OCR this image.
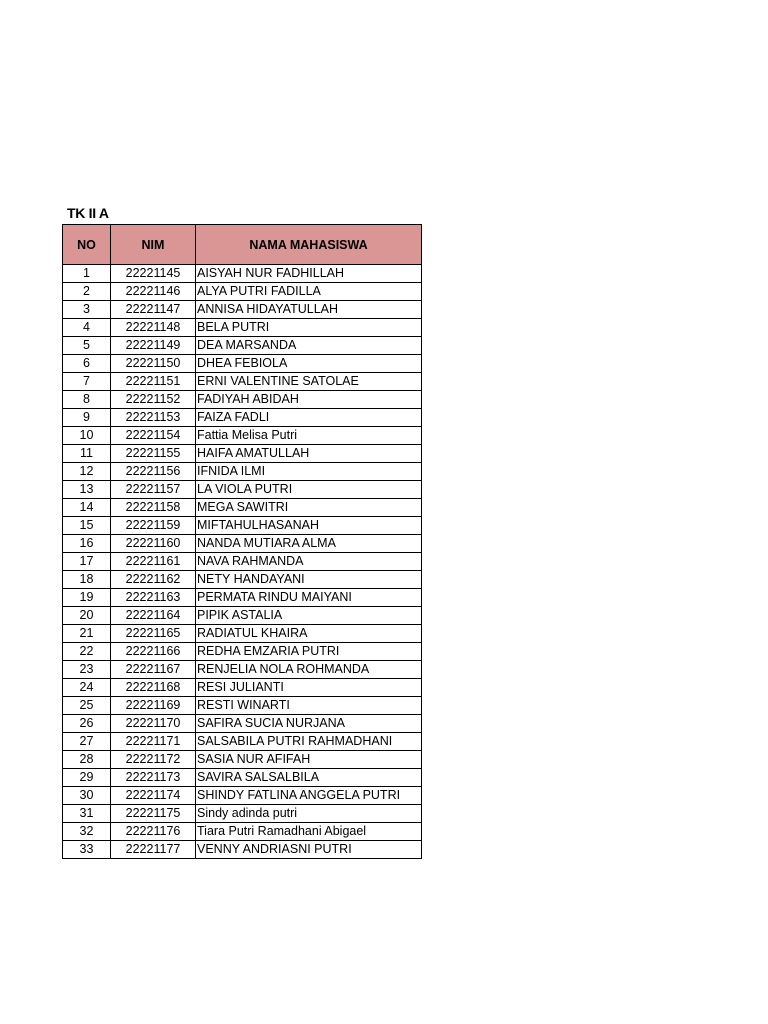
TK II A
NO	NIM	NAMA MAHASISWA
1	22221145	AISYAH NUR FADHILLAH
2	22221146	ALYA PUTRI FADILLA
3	22221147	ANNISA HIDAYATULLAH
4	22221148	BELA PUTRI
5	22221149	DEA MARSANDA
6	22221150	DHEA FEBIOLA
7	22221151	ERNI VALENTINE SATOLAE
8	22221152	FADIYAH ABIDAH
9	22221153	FAIZA FADLI
10	22221154	Fattia Melisa Putri
11	22221155	HAIFA AMATULLAH
12	22221156	IFNIDA ILMI
13	22221157	LA VIOLA PUTRI
14	22221158	MEGA SAWITRI
15	22221159	MIFTAHULHASANAH
16	22221160	NANDA MUTIARA ALMA
17	22221161	NAVA RAHMANDA
18	22221162	NETY HANDAYANI
19	22221163	PERMATA RINDU MAIYANI
20	22221164	PIPIK ASTALIA
21	22221165	RADIATUL KHAIRA
22	22221166	REDHA EMZARIA PUTRI
23	22221167	RENJELIA NOLA ROHMANDA
24	22221168	RESI JULIANTI
25	22221169	RESTI WINARTI
26	22221170	SAFIRA SUCIA NURJANA
27	22221171	SALSABILA PUTRI RAHMADHANI
28	22221172	SASIA NUR AFIFAH
29	22221173	SAVIRA SALSALBILA
30	22221174	SHINDY FATLINA ANGGELA PUTRI
31	22221175	Sindy adinda putri
32	22221176	Tiara Putri Ramadhani Abigael
33	22221177	VENNY ANDRIASNI PUTRI
